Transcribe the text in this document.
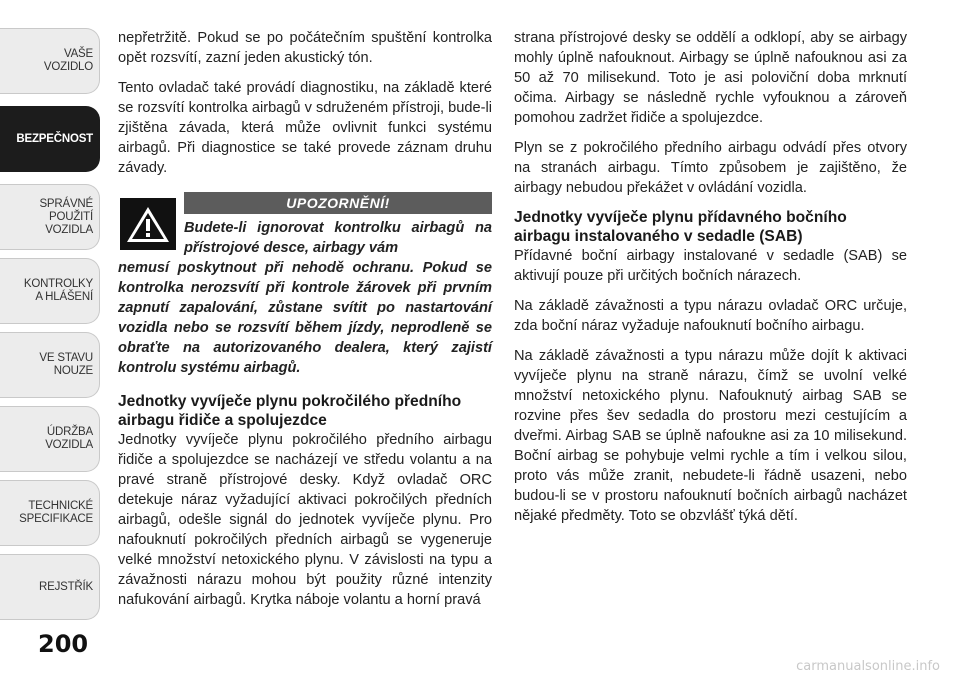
VAŠE
VOZIDLO
BEZPEČNOST
SPRÁVNÉ
POUŽITÍ
VOZIDLA
KONTROLKY
A HLÁŠENÍ
VE STAVU
NOUZE
ÚDRŽBA
VOZIDLA
TECHNICKÉ
SPECIFIKACE
REJSTŘÍK
200

nepřetržitě. Pokud se po počátečním spuštění kontrolka opět rozsvítí, zazní jeden akustický tón.

Tento ovladač také provádí diagnostiku, na základě které se rozsvítí kontrolka airbagů v sdruženém přístroji, bude-li zjištěna závada, která může ovlivnit funkci systému airbagů. Při diagnostice se také provede záznam druhu závady.

UPOZORNĚNÍ!
Budete-li ignorovat kontrolku airbagů na přístrojové desce, airbagy vám
nemusí poskytnout při nehodě ochranu. Pokud se kontrolka nerozsvítí při kontrole žárovek při prvním zapnutí zapalování, zůstane svítit po nastartování vozidla nebo se rozsvítí během jízdy, neprodleně se obraťte na autorizovaného dealera, který zajistí kontrolu systému airbagů.
Jednotky vyvíječe plynu pokročilého předního airbagu řidiče a spolujezdce

Jednotky vyvíječe plynu pokročilého předního airbagu řidiče a spolujezdce se nacházejí ve středu volantu a na pravé straně přístrojové desky. Když ovladač ORC detekuje náraz vyžadující aktivaci pokročilých předních airbagů, odešle signál do jednotek vyvíječe plynu. Pro nafouknutí pokročilých předních airbagů se vygeneruje velké množství netoxického plynu. V závislosti na typu a závažnosti nárazu mohou být použity různé intenzity nafukování airbagů. Krytka náboje volantu a horní pravá

strana přístrojové desky se oddělí a odklopí, aby se airbagy mohly úplně nafouknout. Airbagy se úplně nafouknou asi za 50 až 70 milisekund. Toto je asi poloviční doba mrknutí očima. Airbagy se následně rychle vyfouknou a zároveň pomohou zadržet řidiče a spolujezdce.

Plyn se z pokročilého předního airbagu odvádí přes otvory na stranách airbagu. Tímto způsobem je zajištěno, že airbagy nebudou překážet v ovládání vozidla.

Jednotky vyvíječe plynu přídavného bočního airbagu instalovaného v sedadle (SAB)

Přídavné boční airbagy instalované v sedadle (SAB) se aktivují pouze při určitých bočních nárazech.

Na základě závažnosti a typu nárazu ovladač ORC určuje, zda boční náraz vyžaduje nafouknutí bočního airbagu.

Na základě závažnosti a typu nárazu může dojít k aktivaci vyvíječe plynu na straně nárazu, čímž se uvolní velké množství netoxického plynu. Nafouknutý airbag SAB se rozvine přes šev sedadla do prostoru mezi cestujícím a dveřmi. Airbag SAB se úplně nafoukne asi za 10 milisekund. Boční airbag se pohybuje velmi rychle a tím i velkou silou, proto vás může zranit, nebudete-li řádně usazeni, nebo budou-li se v prostoru nafouknutí bočních airbagů nacházet nějaké předměty. Toto se obzvlášť týká dětí.

carmanualsonline.info
